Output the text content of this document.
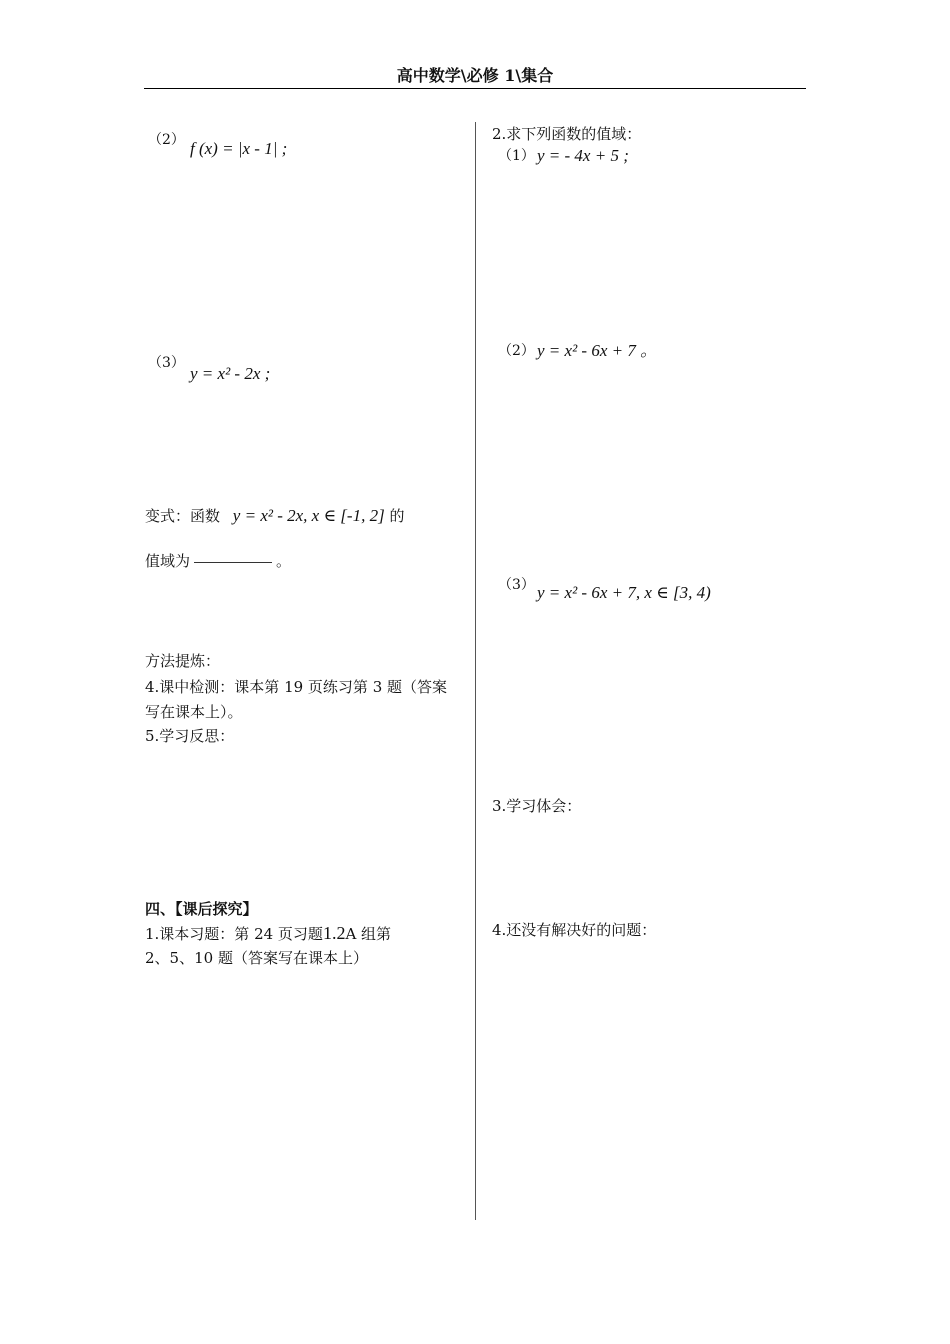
高中数学\必修 1\集合
（2） f (x) = |x - 1| ;
（3）
y = x² - 2x ;
变式：函数 y = x² - 2x, x ∈ [-1, 2] 的
值域为	。
方法提炼：
4.课中检测：课本第 19 页练习第 3 题（答案
写在课本上）。
5.学习反思：
四、【课后探究】
1.课本习题：第 24 页习题1.2A 组第
2、5、10 题（答案写在课本上）
2.求下列函数的值域：
（1） y = - 4x + 5 ;
（2） y = x² - 6x + 7 。
（3） y = x² - 6x + 7, x ∈ [3, 4)
3.学习体会：
4.还没有解决好的问题：
